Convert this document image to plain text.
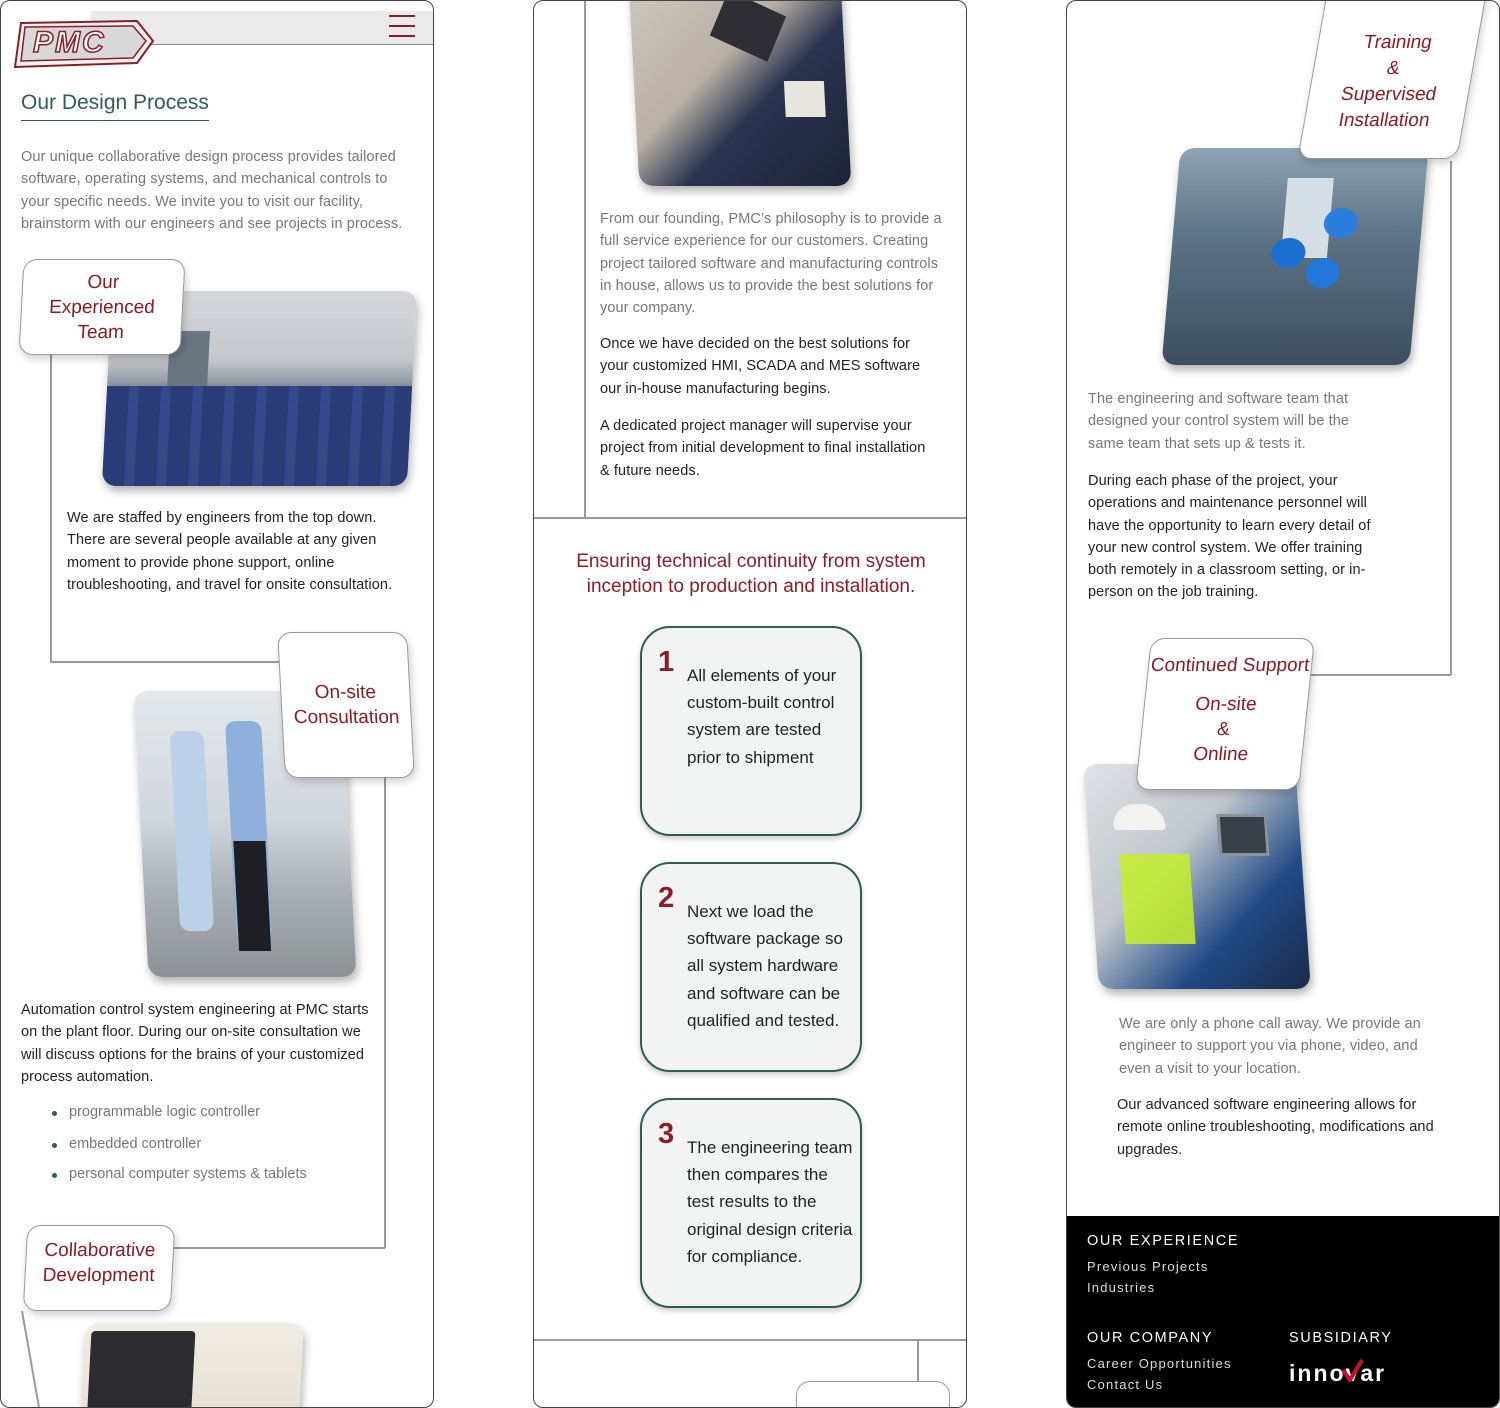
PMC
Our Design Process
Our unique collaborative design process provides tailored software, operating systems, and mechanical controls to your specific needs. We invite you to visit our facility, brainstorm with our engineers and see projects in process.
Our
Experienced
Team
We are staffed by engineers from the top down. There are several people available at any given moment to provide phone support, online troubleshooting, and travel for onsite consultation.
On-site
Consultation
Automation control system engineering at PMC starts on the plant floor. During our on-site consultation we will discuss options for the brains of your customized process automation.
programmable logic controller
embedded controller
personal computer systems & tablets
Collaborative
Development
From our founding, PMC’s philosophy is to provide a full service experience for our customers. Creating project tailored software and manufacturing controls in house, allows us to provide the best solutions for your company.
Once we have decided on the best solutions for your customized HMI, SCADA and MES software our in-house manufacturing begins.
A dedicated project manager will supervise your project from initial development to final installation & future needs.
Ensuring technical continuity from system inception to production and installation.
1 All elements of your custom-built control system are tested prior to shipment
2 Next we load the software package so all system hardware and software can be qualified and tested.
3 The engineering team then compares the test results to the original design criteria for compliance.
Training
&
Supervised
Installation
The engineering and software team that designed your control system will be the same team that sets up & tests it.
During each phase of the project, your operations and maintenance personnel will have the opportunity to learn every detail of your new control system. We offer training both remotely in a classroom setting, or in-person on the job training.
Continued Support
On-site
&
Online
We are only a phone call away. We provide an engineer to support you via phone, video, and even a visit to your location.
Our advanced software engineering allows for remote online troubleshooting, modifications and upgrades.
OUR EXPERIENCE
Previous Projects
Industries
OUR COMPANY
Career Opportunities
Contact Us
SUBSIDIARY
innovar
